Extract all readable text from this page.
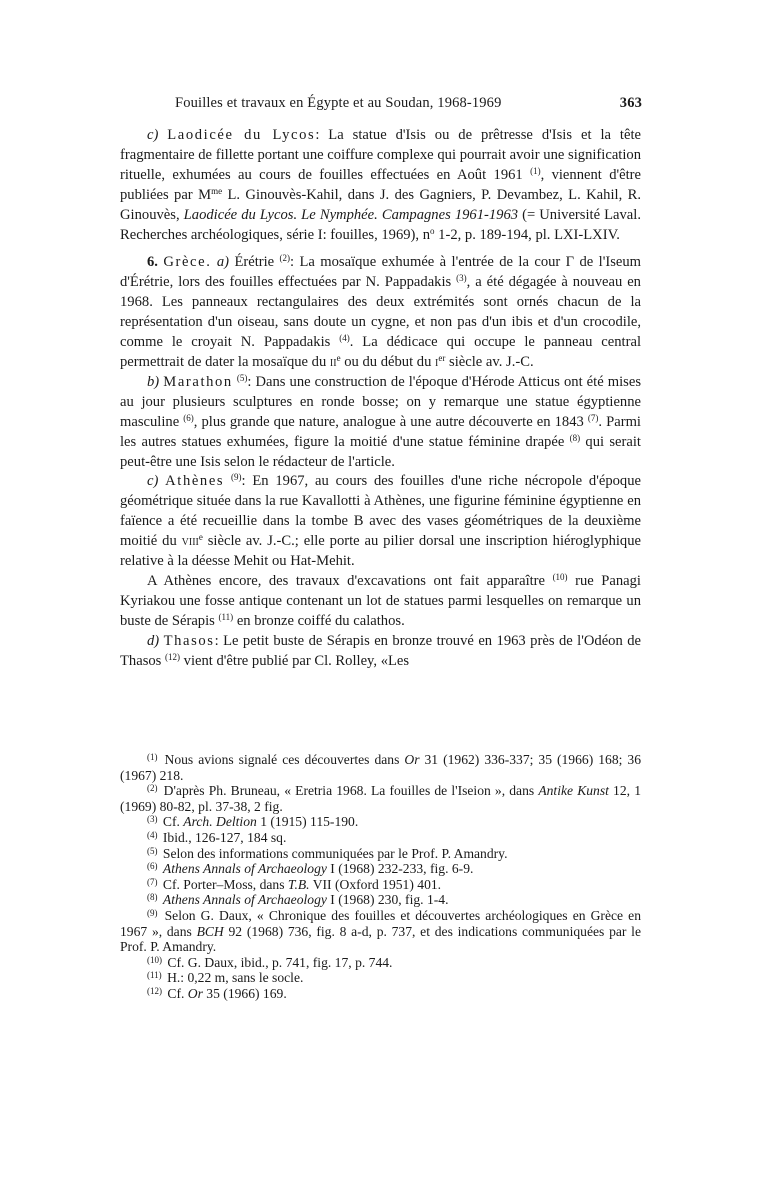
Fouilles et travaux en Égypte et au Soudan, 1968-1969	363

c) Laodicée du Lycos: La statue d'Isis ou de prêtresse d'Isis et la tête fragmentaire de fillette portant une coiffure complexe qui pourrait avoir une signification rituelle, exhumées au cours de fouilles effectuées en Août 1961 $^{(1)}$, viennent d'être publiées par $M^{me}$ L. Ginouvès-Kahil, dans J. des Gagniers, P. Devambez, L. Kahil, R. Ginouvès, Laodicée du Lycos. Le Nymphée. Campagnes 1961-1963 (= Université Laval. Recherches archéologiques, série I: fouilles, 1969), $n^o$ 1-2, p. 189-194, pl. LXI-LXIV.

6. Grèce. a) Érétrie $^{(2)}$: La mosaïque exhumée à l'entrée de la cour Γ de l'Iseum d'Érétrie, lors des fouilles effectuées par N. Pappadakis $^{(3)}$, a été dégagée à nouveau en 1968. Les panneaux rectangulaires des deux extrémités sont ornés chacun de la représentation d'un oiseau, sans doute un cygne, et non pas d'un ibis et d'un crocodile, comme le croyait N. Pappadakis $^{(4)}$. La dédicace qui occupe le panneau central permettrait de dater la mosaïque du $ii^e$ ou du début du $i^{er}$ siècle av. J.-C.

b) Marathon $^{(5)}$: Dans une construction de l'époque d'Hérode Atticus ont été mises au jour plusieurs sculptures en ronde bosse; on y remarque une statue égyptienne masculine $^{(6)}$, plus grande que nature, analogue à une autre découverte en 1843 $^{(7)}$. Parmi les autres statues exhumées, figure la moitié d'une statue féminine drapée $^{(8)}$ qui serait peut-être une Isis selon le rédacteur de l'article.

c) Athènes $^{(9)}$: En 1967, au cours des fouilles d'une riche nécropole d'époque géométrique située dans la rue Kavallotti à Athènes, une figurine féminine égyptienne en faïence a été recueillie dans la tombe B avec des vases géométriques de la deuxième moitié du viii$^e$ siècle av. J.-C.; elle porte au pilier dorsal une inscription hiéroglyphique relative à la déesse Mehit ou Hat-Mehit.

A Athènes encore, des travaux d'excavations ont fait apparaître $^{(10)}$ rue Panagi Kyriakou une fosse antique contenant un lot de statues parmi lesquelles on remarque un buste de Sérapis $^{(11)}$ en bronze coiffé du calathos.

d) Thasos: Le petit buste de Sérapis en bronze trouvé en 1963 près de l'Odéon de Thasos $^{(12)}$ vient d'être publié par Cl. Rolley, «Les

$^{(1)}$ Nous avions signalé ces découvertes dans Or 31 (1962) 336-337; 35 (1966) 168; 36 (1967) 218.

$^{(2)}$ D'après Ph. Bruneau, « Eretria 1968. La fouilles de l'Iseion », dans Antike Kunst 12, 1 (1969) 80-82, pl. 37-38, 2 fig.

$^{(3)}$ Cf. Arch. Deltion 1 (1915) 115-190.

$^{(4)}$ Ibid., 126-127, 184 sq.

$^{(5)}$ Selon des informations communiquées par le Prof. P. Amandry.

$^{(6)}$ Athens Annals of Archaeology I (1968) 232-233, fig. 6-9.

$^{(7)}$ Cf. Porter–Moss, dans T.B. VII (Oxford 1951) 401.

$^{(8)}$ Athens Annals of Archaeology I (1968) 230, fig. 1-4.

$^{(9)}$ Selon G. Daux, « Chronique des fouilles et découvertes archéologiques en Grèce en 1967 », dans BCH 92 (1968) 736, fig. 8 a-d, p. 737, et des indications communiquées par le Prof. P. Amandry.

$^{(10)}$ Cf. G. Daux, ibid., p. 741, fig. 17, p. 744.

$^{(11)}$ H.: 0,22 m, sans le socle.

$^{(12)}$ Cf. Or 35 (1966) 169.
